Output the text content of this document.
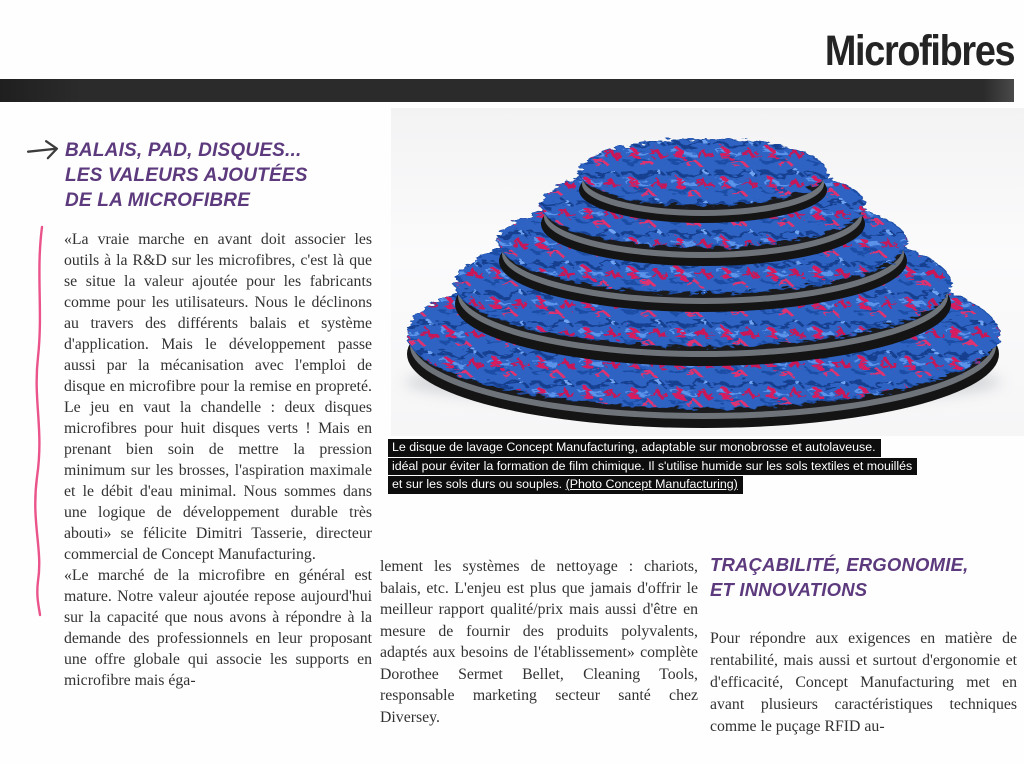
Microfibres
BALAIS, PAD, DISQUES...
LES VALEURS AJOUTÉES
DE LA MICROFIBRE

«La vraie marche en avant doit associer les outils à la R&D sur les microfibres, c'est là que se situe la valeur ajoutée pour les fabricants comme pour les utilisateurs. Nous le déclinons au travers des différents balais et système d'application. Mais le développement passe aussi par la mécanisation avec l'emploi de disque en microfibre pour la remise en propreté. Le jeu en vaut la chandelle : deux disques microfibres pour huit disques verts ! Mais en prenant bien soin de mettre la pression minimum sur les brosses, l'aspiration maximale et le débit d'eau minimal. Nous sommes dans une logique de développement durable très abouti» se félicite Dimitri Tasserie, directeur commercial de Concept Manufacturing.

«Le marché de la microfibre en général est mature. Notre valeur ajoutée repose aujourd'hui sur la capacité que nous avons à répondre à la demande des professionnels en leur proposant une offre globale qui associe les supports en microfibre mais éga-

Le disque de lavage Concept Manufacturing, adaptable sur monobrosse et autolaveuse.
idéal pour éviter la formation de film chimique. Il s'utilise humide sur les sols textiles et mouillés
et sur les sols durs ou souples. (Photo Concept Manufacturing)

lement les systèmes de nettoyage : chariots, balais, etc. L'enjeu est plus que jamais d'offrir le meilleur rapport qualité/prix mais aussi d'être en mesure de fournir des produits polyvalents, adaptés aux besoins de l'établissement» complète Dorothee Sermet Bellet, Cleaning Tools, responsable marketing secteur santé chez Diversey.

TRAÇABILITÉ, ERGONOMIE,
ET INNOVATIONS

Pour répondre aux exigences en matière de rentabilité, mais aussi et surtout d'ergonomie et d'efficacité, Concept Manufacturing met en avant plusieurs caractéristiques techniques comme le puçage RFID au-
